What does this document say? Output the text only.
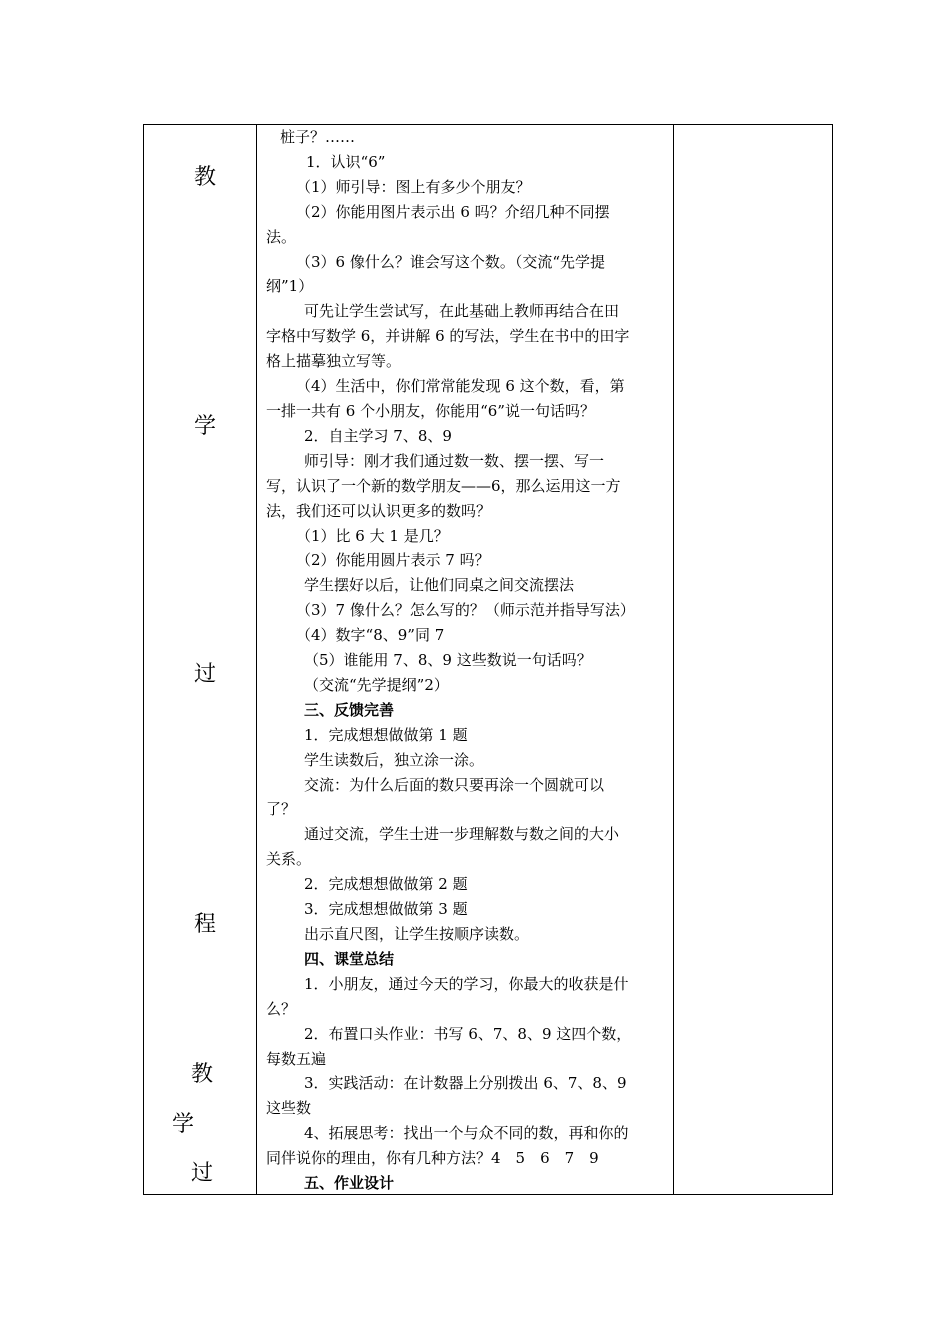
教
学
过
程
教
学
过
桩子？……
1．认识“6”
（1）师引导：图上有多少个朋友？
（2）你能用图片表示出 6 吗？介绍几种不同摆
法。
（3）6 像什么？谁会写这个数。（交流“先学提
纲”1）
可先让学生尝试写，在此基础上教师再结合在田
字格中写数学 6，并讲解 6 的写法，学生在书中的田字
格上描摹独立写等。
（4）生活中，你们常常能发现 6 这个数，看，第
一排一共有 6 个小朋友，你能用“6”说一句话吗？
2．自主学习 7、8、9
师引导：刚才我们通过数一数、摆一摆、写一
写，认识了一个新的数学朋友——6，那么运用这一方
法，我们还可以认识更多的数吗？
（1）比 6 大 1 是几？
（2）你能用圆片表示 7 吗？
学生摆好以后，让他们同桌之间交流摆法
（3）7 像什么？怎么写的？（师示范并指导写法）
（4）数字“8、9”同 7
（5）谁能用 7、8、9 这些数说一句话吗？
（交流“先学提纲”2）
三、反馈完善
1．完成想想做做第 1 题
学生读数后，独立涂一涂。
交流：为什么后面的数只要再涂一个圆就可以
了？
通过交流，学生士进一步理解数与数之间的大小
关系。
2．完成想想做做第 2 题
3．完成想想做做第 3 题
出示直尺图，让学生按顺序读数。
四、课堂总结
1．小朋友，通过今天的学习，你最大的收获是什
么？
2．布置口头作业：书写 6、7、8、9 这四个数，
每数五遍
3．实践活动：在计数器上分别拨出 6、7、8、9
这些数
4、拓展思考：找出一个与众不同的数，再和你的
同伴说你的理由，你有几种方法？4　5　6　7　9
五、作业设计
